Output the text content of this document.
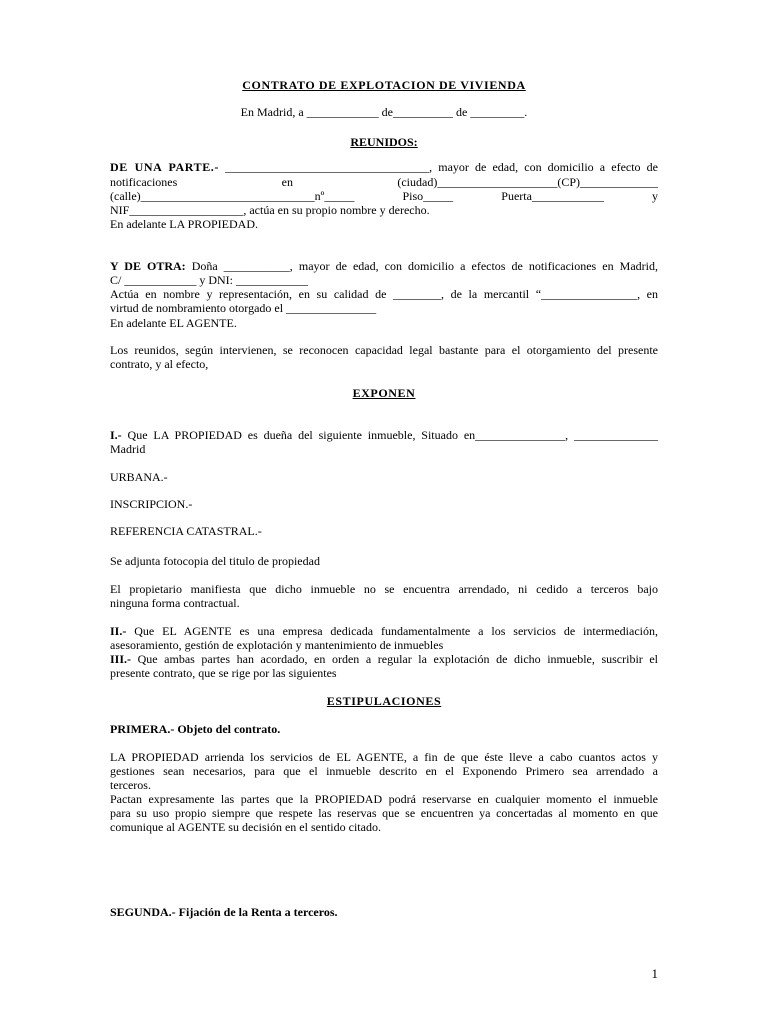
CONTRATO DE EXPLOTACION DE VIVIENDA
En Madrid, a ____________ de__________ de _________.
REUNIDOS:
DE UNA PARTE.- __________________________________, mayor de edad, con domicilio a efecto de
notificaciones	en	(ciudad)____________________(CP)_____________
(calle)_____________________________nº_____	Piso_____	Puerta____________	y
NIF___________________, actúa en su propio nombre y derecho.
En adelante LA PROPIEDAD.
Y DE OTRA: Doña ___________, mayor de edad, con domicilio a efectos de notificaciones en Madrid,
C/ ____________ y DNI: ____________
Actúa en nombre y representación, en su calidad de ________, de la mercantil “________________, en
virtud de nombramiento otorgado el _______________
En adelante EL AGENTE.
Los reunidos, según intervienen, se reconocen capacidad legal bastante para el otorgamiento del presente
contrato, y al efecto,
EXPONEN
I.- Que LA PROPIEDAD es dueña del siguiente inmueble, Situado en_______________, ______________
Madrid
URBANA.-
INSCRIPCION.-
REFERENCIA CATASTRAL.-
Se adjunta fotocopia del titulo de propiedad
El propietario manifiesta que dicho inmueble no se encuentra arrendado, ni cedido a terceros bajo
ninguna forma contractual.
II.- Que EL AGENTE es una empresa dedicada fundamentalmente a los servicios de intermediación,
asesoramiento, gestión de explotación y mantenimiento de inmuebles
III.- Que ambas partes han acordado, en orden a regular la explotación de dicho inmueble, suscribir el
presente contrato, que se rige por las siguientes
ESTIPULACIONES
PRIMERA.- Objeto del contrato.
LA PROPIEDAD arrienda los servicios de EL AGENTE, a fin de que éste lleve a cabo cuantos actos y
gestiones sean necesarios, para que el inmueble descrito en el Exponendo Primero sea arrendado a
terceros.
Pactan expresamente las partes que la PROPIEDAD podrá reservarse en cualquier momento el inmueble
para su uso propio siempre que respete las reservas que se encuentren ya concertadas al momento en que
comunique al AGENTE su decisión en el sentido citado.
SEGUNDA.- Fijación de la Renta a terceros.
1
